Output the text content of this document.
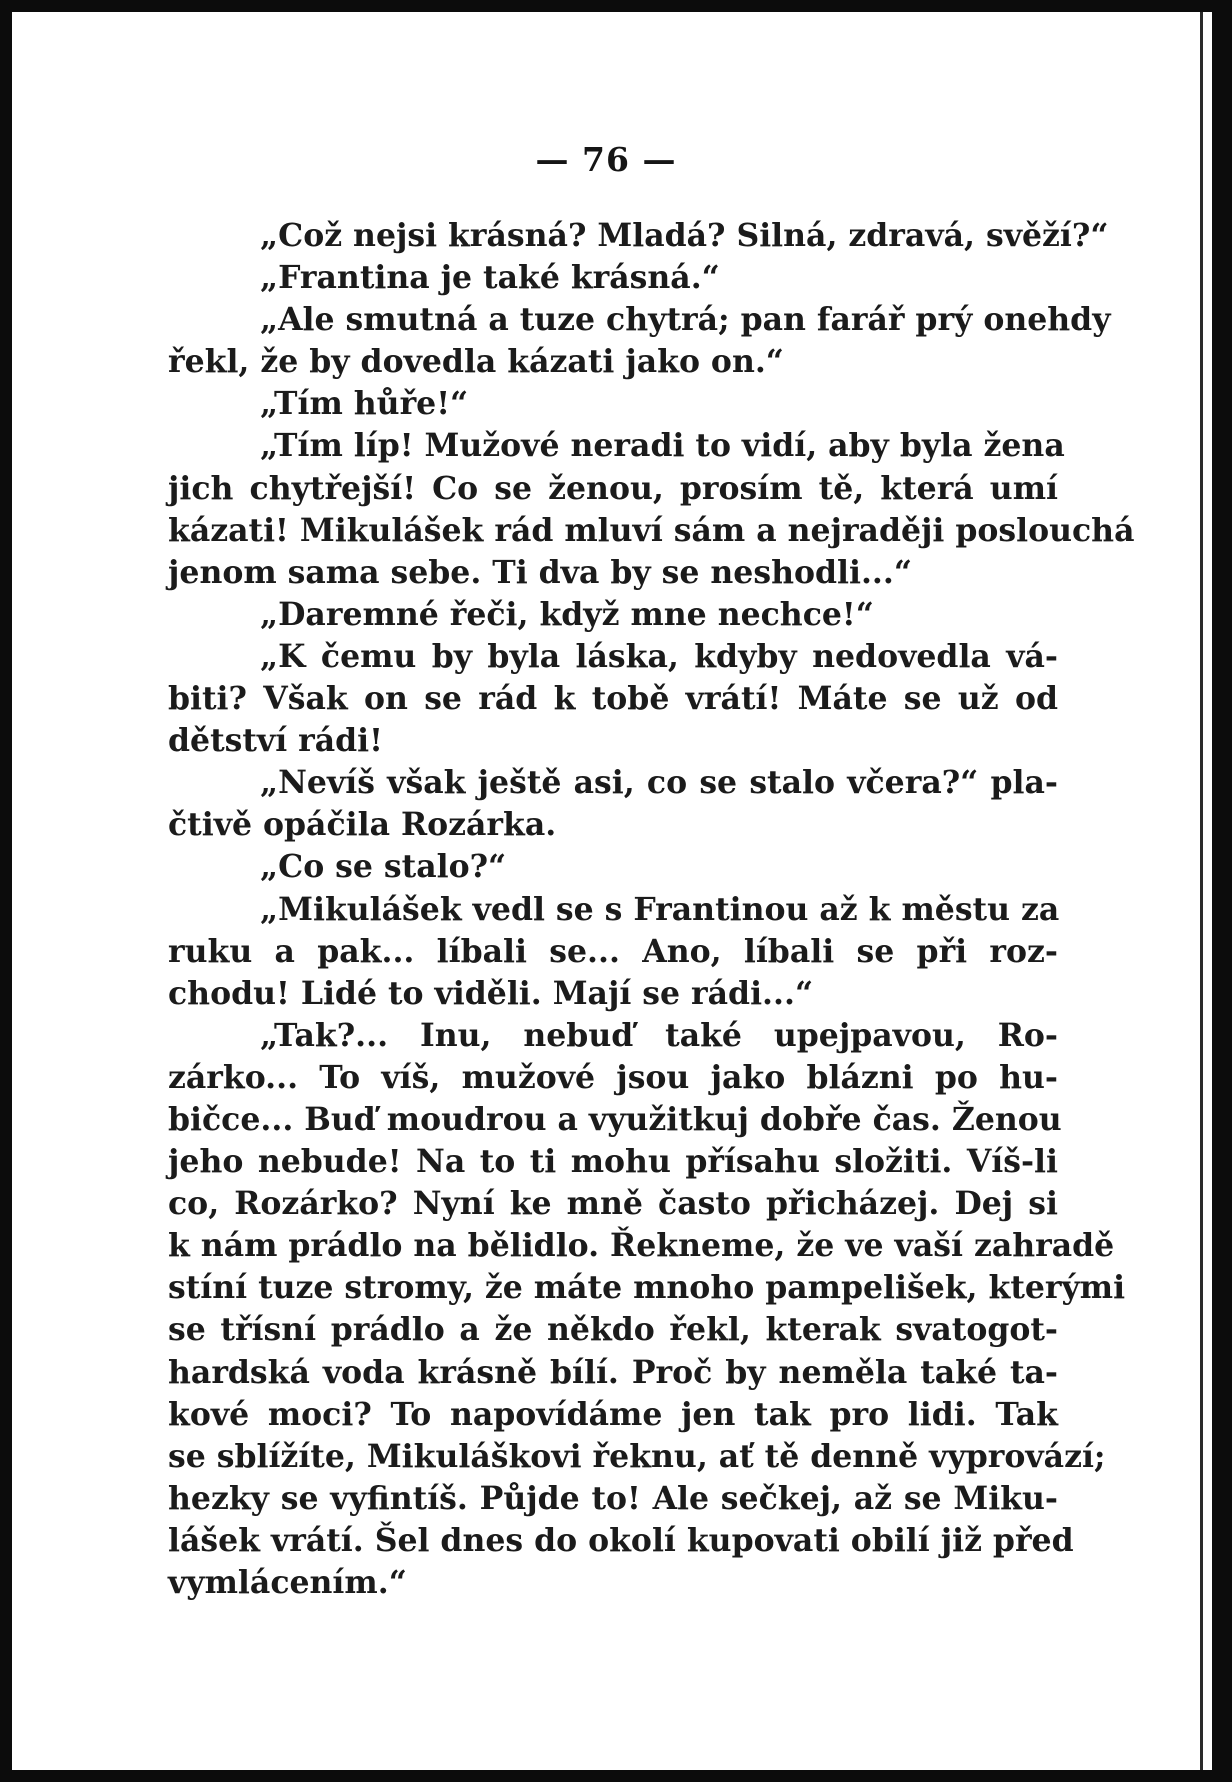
— 76 —
„Což nejsi krásná? Mladá? Silná, zdravá, svěží?“
„Frantina je také krásná.“
„Ale smutná a tuze chytrá; pan farář prý onehdy
řekl, že by dovedla kázati jako on.“
„Tím hůře!“
„Tím líp! Mužové neradi to vidí, aby byla žena
jich chytřejší! Co se ženou, prosím tě, která umí
kázati! Mikulášek rád mluví sám a nejraději poslouchá
jenom sama sebe. Ti dva by se neshodli...“
„Daremné řeči, když mne nechce!“
„K čemu by byla láska, kdyby nedovedla vá-
biti? Však on se rád k tobě vrátí! Máte se už od
dětství rádi!
„Nevíš však ještě asi, co se stalo včera?“ pla-
čtivě opáčila Rozárka.
„Co se stalo?“
„Mikulášek vedl se s Frantinou až k městu za
ruku a pak... líbali se... Ano, líbali se při roz-
chodu! Lidé to viděli. Mají se rádi...“
„Tak?... Inu, nebuď také upejpavou, Ro-
zárko... To víš, mužové jsou jako blázni po hu-
bičce... Buď moudrou a využitkuj dobře čas. Ženou
jeho nebude! Na to ti mohu přísahu složiti. Víš-li
co, Rozárko? Nyní ke mně často přicházej. Dej si
k nám prádlo na bělidlo. Řekneme, že ve vaší zahradě
stíní tuze stromy, že máte mnoho pampelišek, kterými
se třísní prádlo a že někdo řekl, kterak svatogot-
hardská voda krásně bílí. Proč by neměla také ta-
kové moci? To napovídáme jen tak pro lidi. Tak
se sblížíte, Mikuláškovi řeknu, ať tě denně vyprovází;
hezky se vyfintíš. Půjde to! Ale sečkej, až se Miku-
lášek vrátí. Šel dnes do okolí kupovati obilí již před
vymlácením.“
